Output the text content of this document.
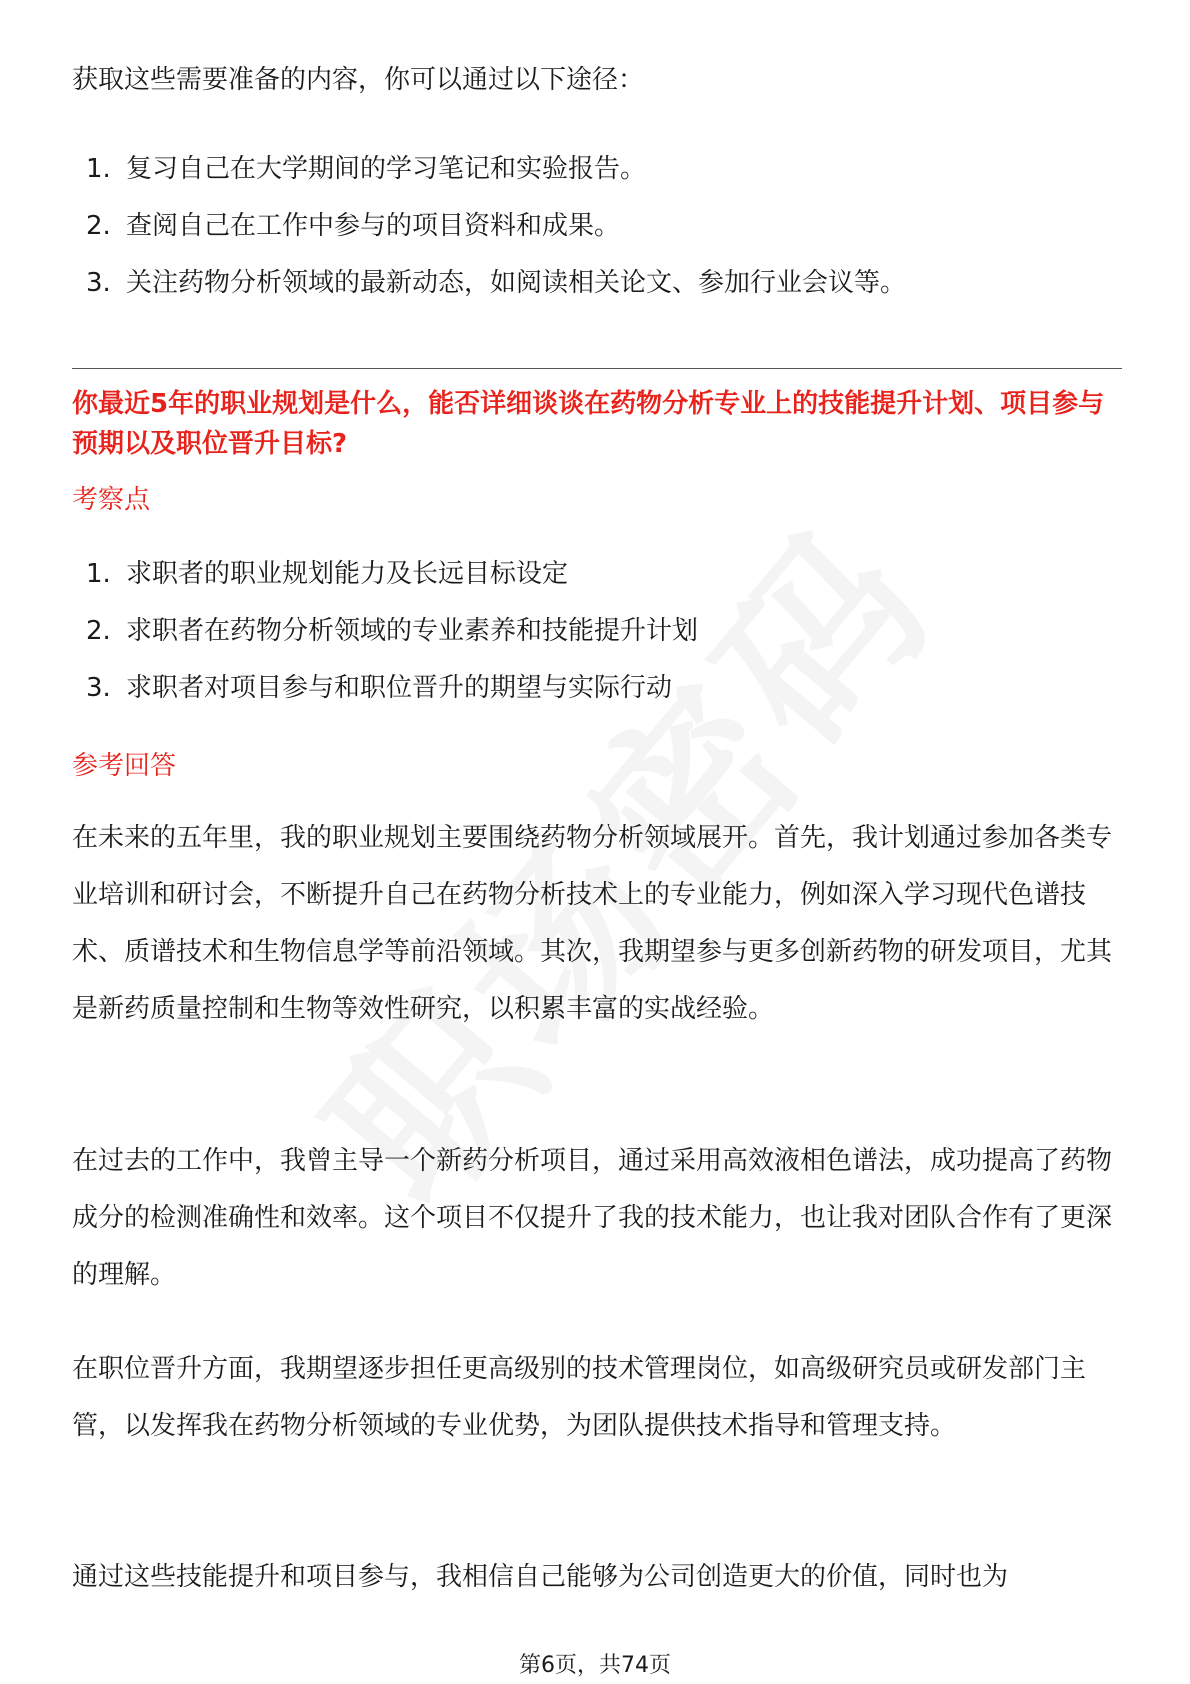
获取这些需要准备的内容，你可以通过以下途径：

1. 复习自己在大学期间的学习笔记和实验报告。
2. 查阅自己在工作中参与的项目资料和成果。
3. 关注药物分析领域的最新动态，如阅读相关论文、参加行业会议等。

你最近5年的职业规划是什么，能否详细谈谈在药物分析专业上的技能提升计划、项目参与预期以及职位晋升目标?

考察点

1. 求职者的职业规划能力及长远目标设定
2. 求职者在药物分析领域的专业素养和技能提升计划
3. 求职者对项目参与和职位晋升的期望与实际行动

参考回答

在未来的五年里，我的职业规划主要围绕药物分析领域展开。首先，我计划通过参加各类专业培训和研讨会，不断提升自己在药物分析技术上的专业能力，例如深入学习现代色谱技术、质谱技术和生物信息学等前沿领域。其次，我期望参与更多创新药物的研发项目，尤其是新药质量控制和生物等效性研究，以积累丰富的实战经验。

在过去的工作中，我曾主导一个新药分析项目，通过采用高效液相色谱法，成功提高了药物成分的检测准确性和效率。这个项目不仅提升了我的技术能力，也让我对团队合作有了更深的理解。

在职位晋升方面，我期望逐步担任更高级别的技术管理岗位，如高级研究员或研发部门主管，以发挥我在药物分析领域的专业优势，为团队提供技术指导和管理支持。

通过这些技能提升和项目参与，我相信自己能够为公司创造更大的价值，同时也为

第6页，共74页
